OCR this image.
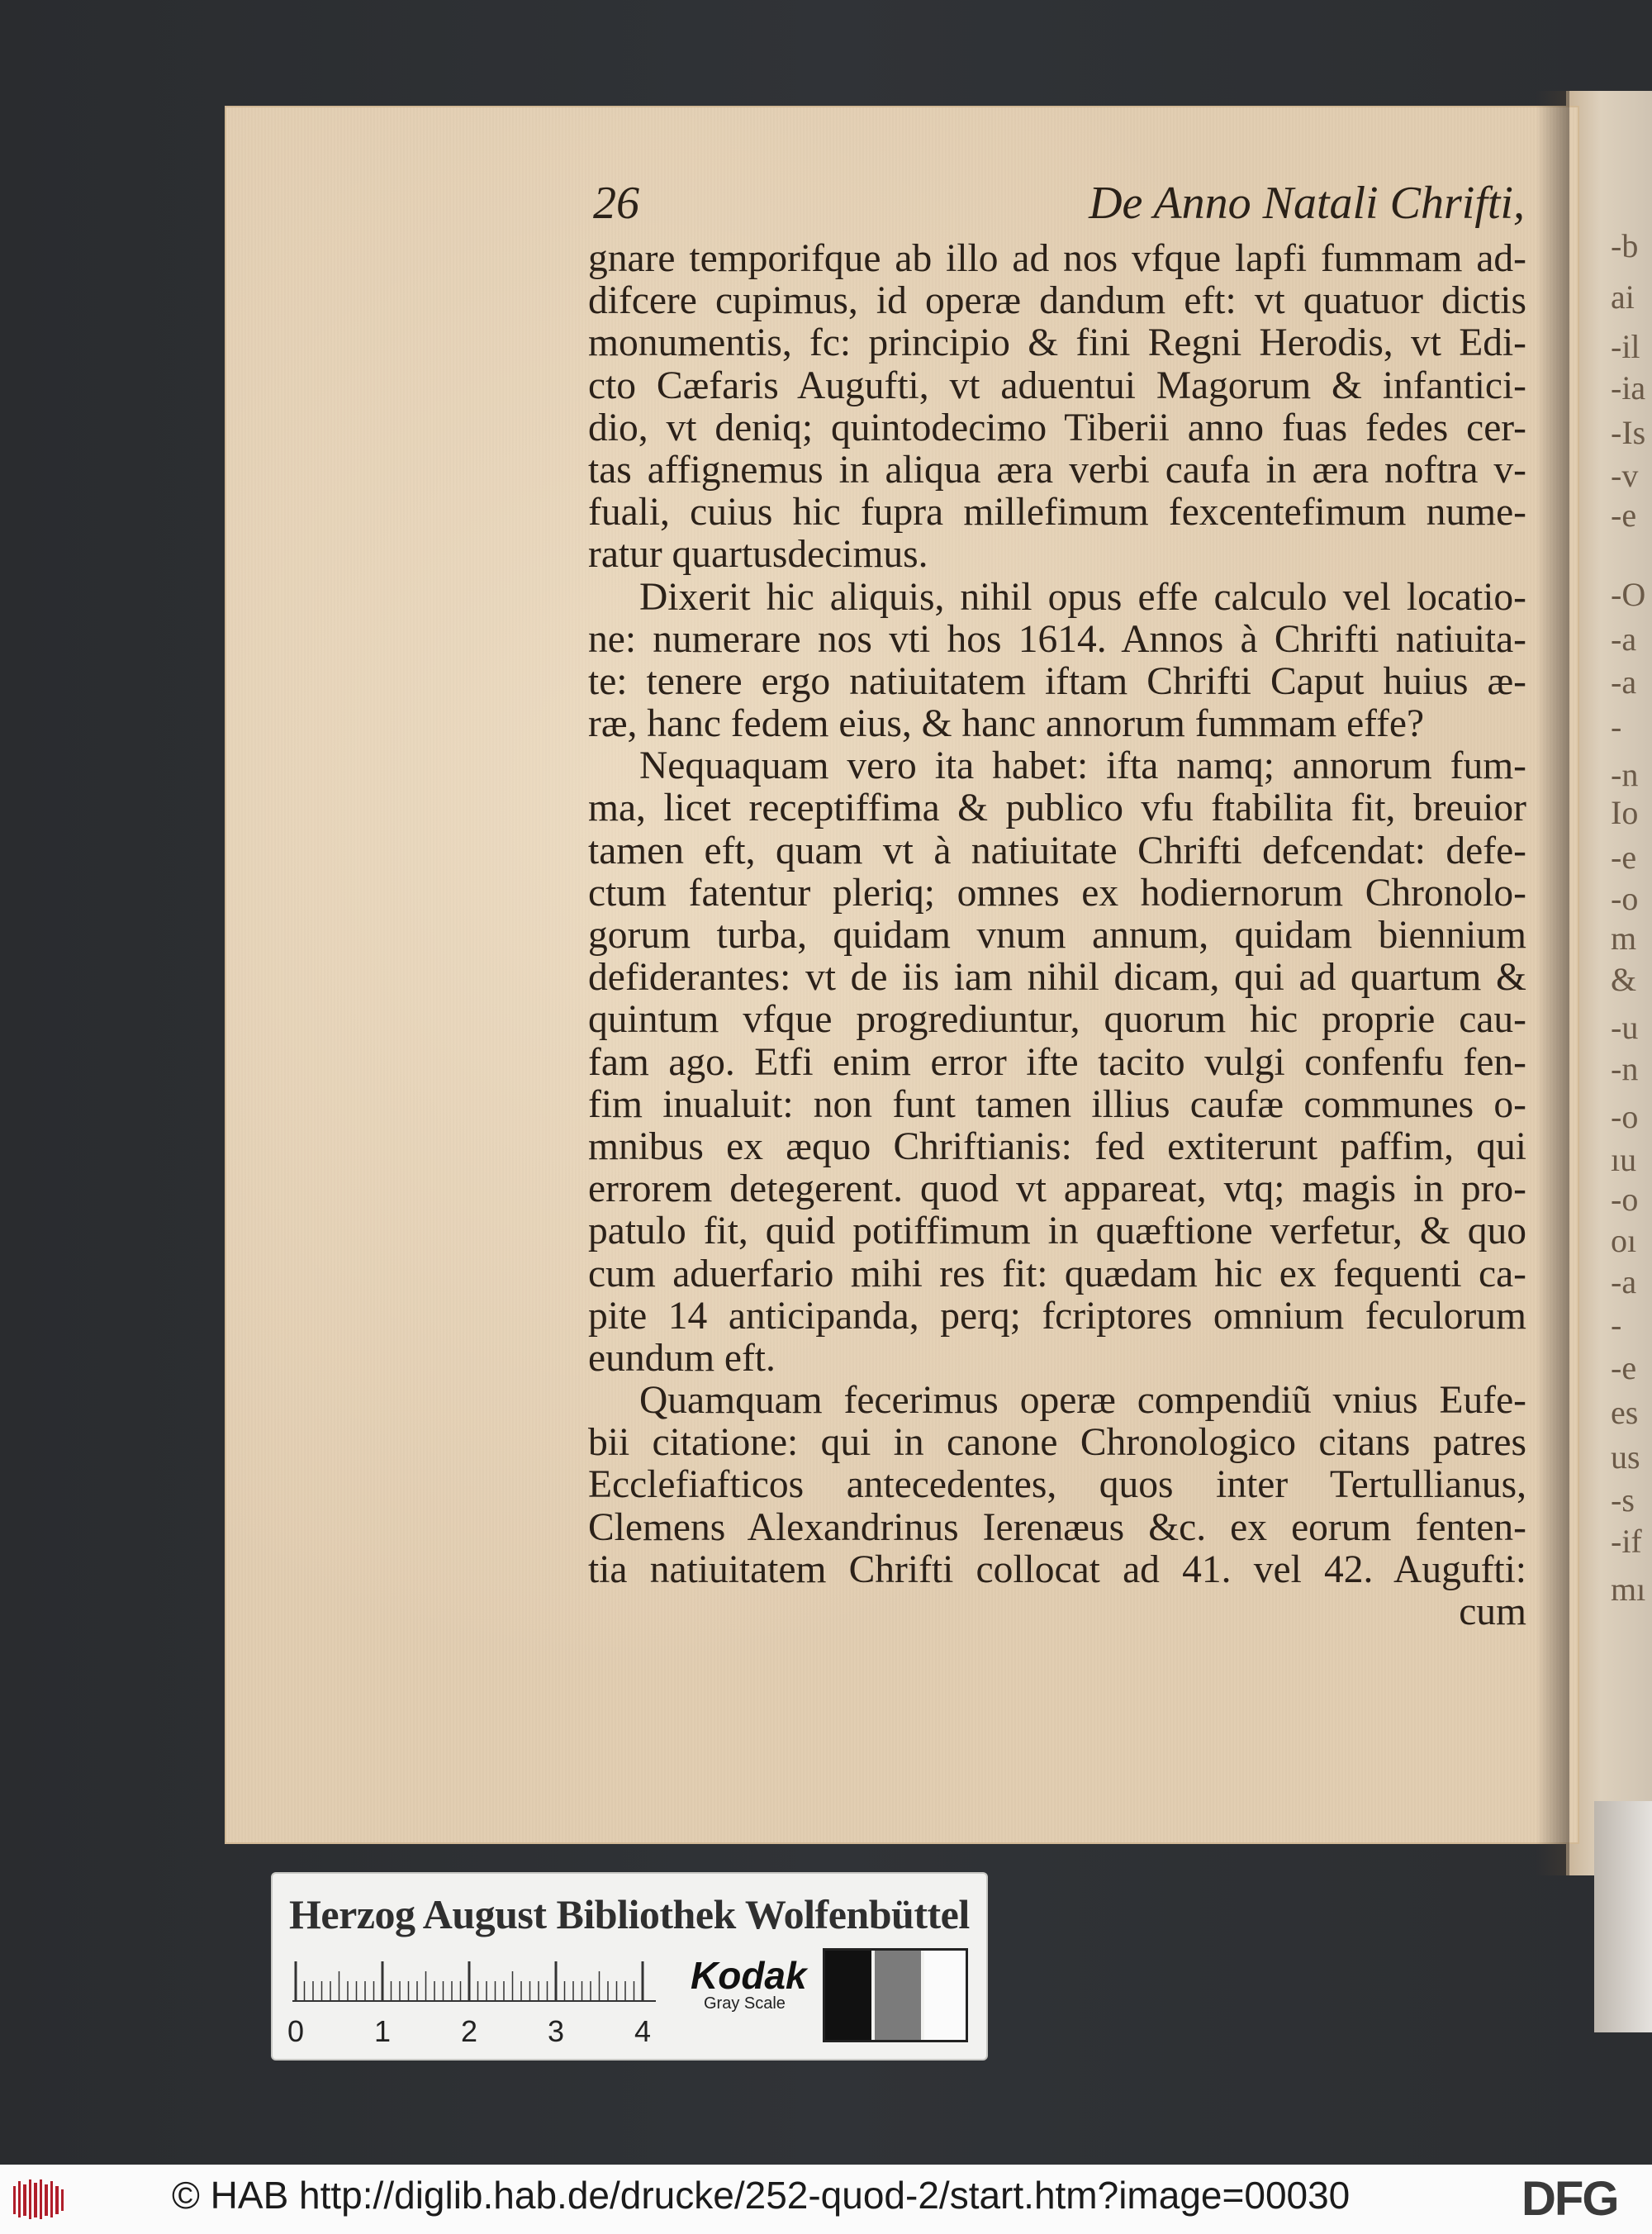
-b
ai
-il
-ia
-Is
-v
-e
-O
-a
-a
-
-n
Io
-e
-o
m
&
-u
-n
-o
ıu
-o
oı
-a
-
-e
es
us
-s
-if
mı
26	De Anno Natali Chrifti,
gnare temporifque ab illo ad nos vfque lapfi fummam ad-
difcere cupimus, id operæ dandum eft: vt quatuor dictis
monumentis, fc: principio & fini Regni Herodis, vt Edi-
cto Cæfaris Augufti, vt aduentui Magorum & infantici-
dio, vt deniq; quintodecimo Tiberii anno fuas fedes cer-
tas affignemus in aliqua æra verbi caufa in æra noftra v-
fuali, cuius hic fupra millefimum fexcentefimum nume-
ratur quartusdecimus.
Dixerit hic aliquis, nihil opus effe calculo vel locatio-
ne: numerare nos vti hos 1614. Annos à Chrifti natiuita-
te: tenere ergo natiuitatem iftam Chrifti Caput huius æ-
ræ, hanc fedem eius, & hanc annorum fummam effe?
Nequaquam vero ita habet: ifta namq; annorum fum-
ma, licet receptiffima & publico vfu ftabilita fit, breuior
tamen eft, quam vt à natiuitate Chrifti defcendat: defe-
ctum fatentur pleriq; omnes ex hodiernorum Chronolo-
gorum turba, quidam vnum annum, quidam biennium
defiderantes: vt de iis iam nihil dicam, qui ad quartum &
quintum vfque progrediuntur, quorum hic proprie cau-
fam ago. Etfi enim error ifte tacito vulgi confenfu fen-
fim inualuit: non funt tamen illius caufæ communes o-
mnibus ex æquo Chriftianis: fed extiterunt paffim, qui
errorem detegerent. quod vt appareat, vtq; magis in pro-
patulo fit, quid potiffimum in quæftione verfetur, & quo
cum aduerfario mihi res fit: quædam hic ex fequenti ca-
pite 14 anticipanda, perq; fcriptores omnium feculorum
eundum eft.
Quamquam fecerimus operæ compendiũ vnius Eufe-
bii citatione: qui in canone Chronologico citans patres
Ecclefiafticos antecedentes, quos inter Tertullianus,
Clemens Alexandrinus Ierenæus &c. ex eorum fenten-
tia natiuitatem Chrifti collocat ad 41. vel 42. Augufti:
cum
Herzog August Bibliothek Wolfenbüttel
0 1 2 3 4
Kodak
Gray Scale
© HAB http://diglib.hab.de/drucke/252-quod-2/start.htm?image=00030	DFG
